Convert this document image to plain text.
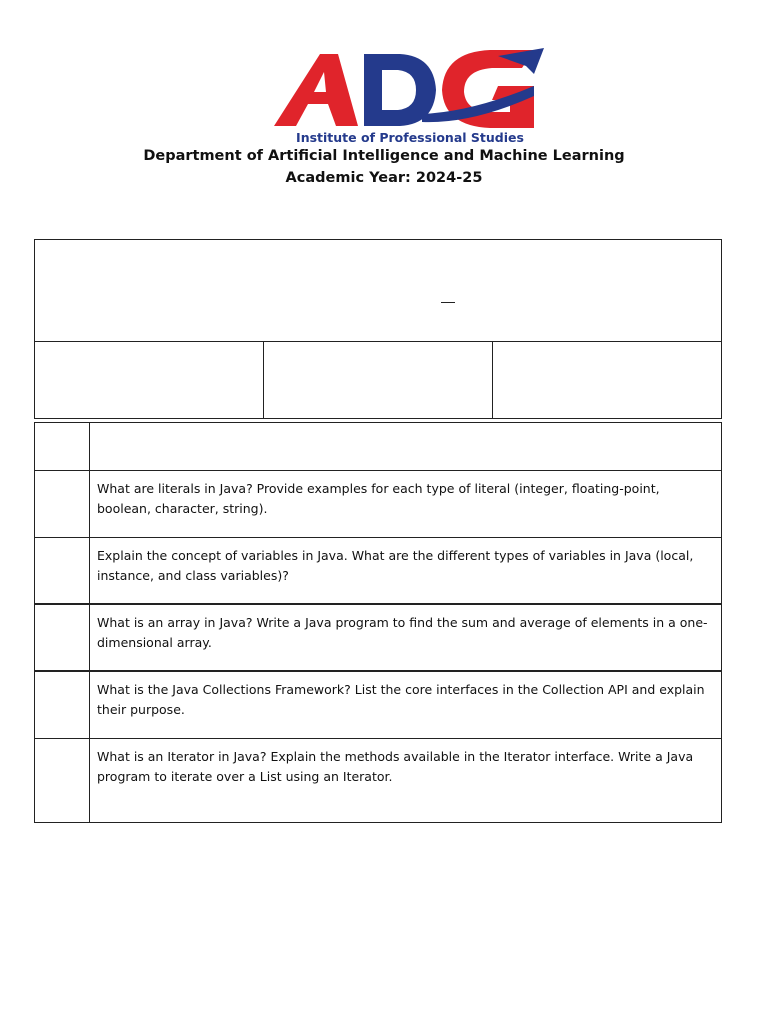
Institute of Professional Studies
Department of Artificial Intelligence and Machine Learning
Academic Year: 2024-25
What are literals in Java? Provide examples for each type of literal (integer, floating-point, boolean, character, string).
Explain the concept of variables in Java. What are the different types of variables in Java (local, instance, and class variables)?
What is an array in Java? Write a Java program to find the sum and average of elements in a one-dimensional array.
What is the Java Collections Framework? List the core interfaces in the Collection API and explain their purpose.
What is an Iterator in Java? Explain the methods available in the Iterator interface. Write a Java program to iterate over a List using an Iterator.
